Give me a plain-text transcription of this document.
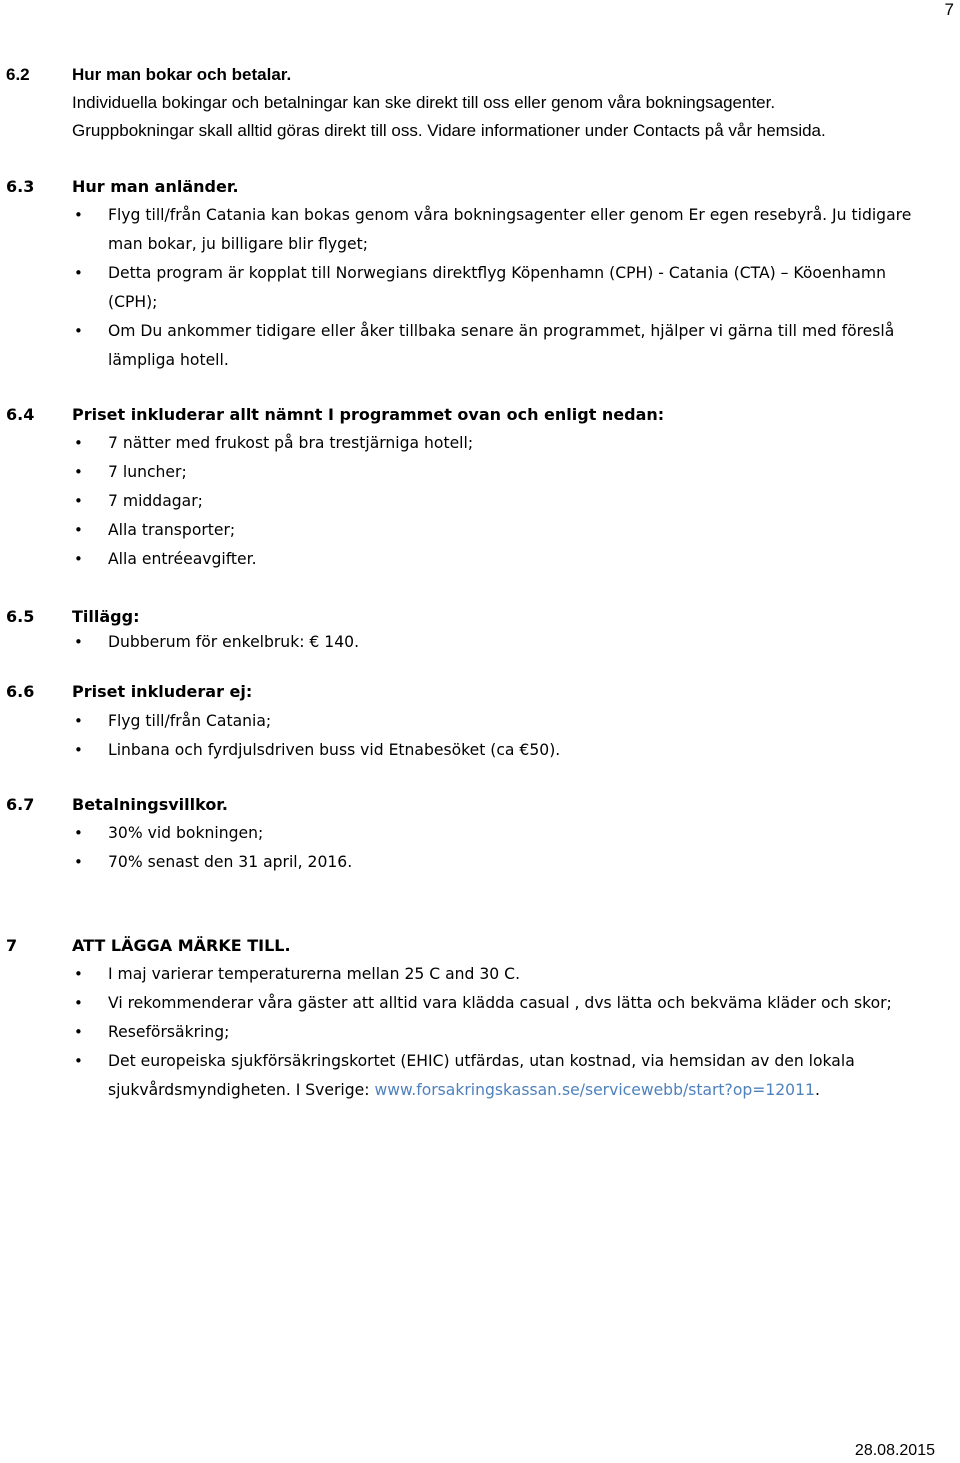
7
6.2 Hur man bokar och betalar.
Individuella bokingar och betalningar kan ske direkt till oss eller genom våra bokningsagenter.
Gruppbokningar skall alltid göras direkt till oss. Vidare informationer under Contacts på vår hemsida.
6.3 Hur man anländer.
• Flyg till/från Catania kan bokas genom våra bokningsagenter eller genom Er egen resebyrå. Ju tidigare man bokar, ju billigare blir flyget;
• Detta program är kopplat till Norwegians direktflyg Köpenhamn (CPH) - Catania (CTA) – Köoenhamn (CPH);
• Om Du ankommer tidigare eller åker tillbaka senare än programmet, hjälper vi gärna till med föreslå lämpliga hotell.
6.4 Priset inkluderar allt nämnt I programmet ovan och enligt nedan:
• 7 nätter med frukost på bra trestjärniga hotell;
• 7 luncher;
• 7 middagar;
• Alla transporter;
• Alla entréeavgifter.
6.5 Tillägg:
• Dubberum för enkelbruk: € 140.
6.6 Priset inkluderar ej:
• Flyg till/från Catania;
• Linbana och fyrdjulsdriven buss vid Etnabesöket (ca €50).
6.7 Betalningsvillkor.
• 30% vid bokningen;
• 70% senast den 31 april, 2016.
7	ATT LÄGGA MÄRKE TILL.
• I maj varierar temperaturerna mellan 25 C and 30 C.
• Vi rekommenderar våra gäster att alltid vara klädda casual , dvs lätta och bekväma kläder och skor;
• Reseförsäkring;
• Det europeiska sjukförsäkringskortet (EHIC) utfärdas, utan kostnad, via hemsidan av den lokala sjukvårdsmyndigheten. I Sverige: www.forsakringskassan.se/servicewebb/start?op=12011.
28.08.2015
